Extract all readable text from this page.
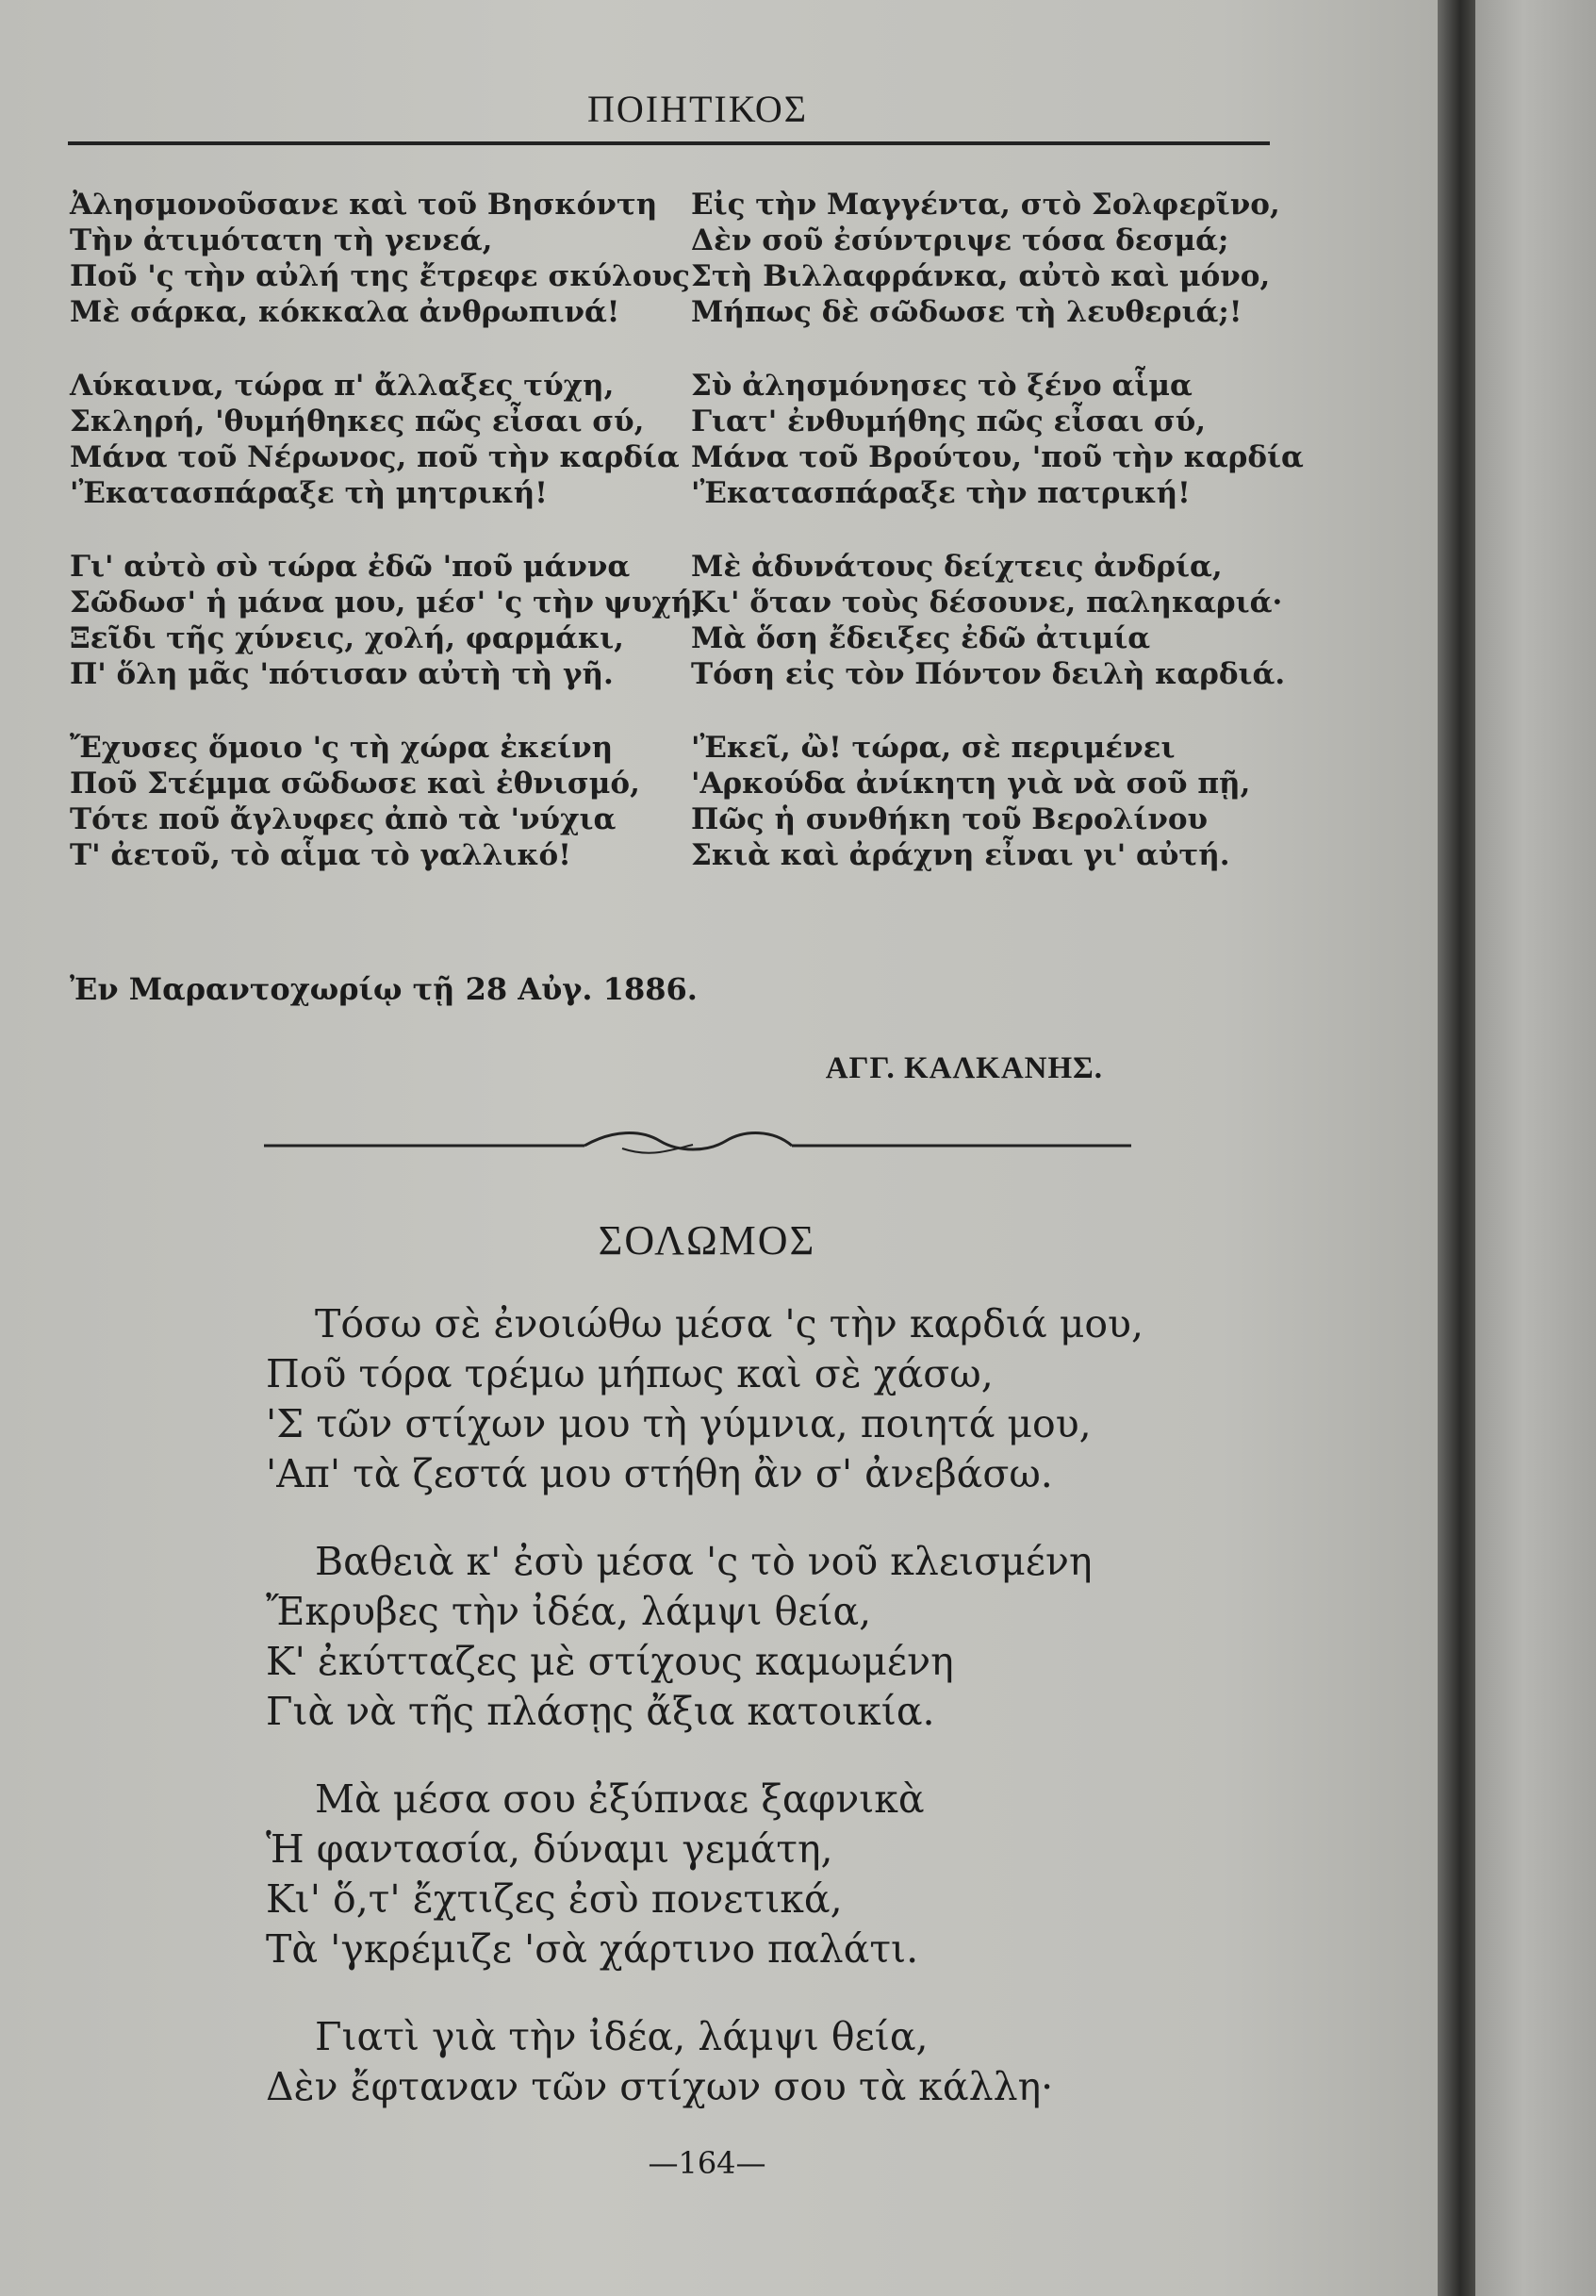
ΠΟΙΗΤΙΚΟΣ
Ἀλησμονοῦσανε καὶ τοῦ Βησκόντη
Τὴν ἀτιμότατη τὴ γενεά,
Ποῦ 'ς τὴν αὐλή της ἔτρεφε σκύλους
Μὲ σάρκα, κόκκαλα ἀνθρωπινά!
Λύκαινα, τώρα π' ἄλλαξες τύχη,
Σκληρή, 'θυμήθηκες πῶς εἶσαι σύ,
Μάνα τοῦ Νέρωνος, ποῦ τὴν καρδία
'Ἐκατασπάραξε τὴ μητρική!
Γι' αὐτὸ σὺ τώρα ἐδῶ 'ποῦ μάννα
Σῶδωσ' ἡ μάνα μου, μέσ' 'ς τὴν ψυχή,
Ξεῖδι τῆς χύνεις, χολή, φαρμάκι,
Π' ὅλη μᾶς 'πότισαν αὐτὴ τὴ γῆ.
Ἔχυσες ὅμοιο 'ς τὴ χώρα ἐκείνη
Ποῦ Στέμμα σῶδωσε καὶ ἐθνισμό,
Τότε ποῦ ἄγλυφες ἀπὸ τὰ 'νύχια
Τ' ἀετοῦ, τὸ αἷμα τὸ γαλλικό!
Εἰς τὴν Μαγγέντα, στὸ Σολφερῖνο,
Δὲν σοῦ ἐσύντριψε τόσα δεσμά;
Στὴ Βιλλαφράνκα, αὐτὸ καὶ μόνο,
Μήπως δὲ σῶδωσε τὴ λευθεριά;!
Σὺ ἀλησμόνησες τὸ ξένο αἷμα
Γιατ' ἐνθυμήθης πῶς εἶσαι σύ,
Μάνα τοῦ Βρούτου, 'ποῦ τὴν καρδία
'Ἐκατασπάραξε τὴν πατρική!
Μὲ ἀδυνάτους δείχτεις ἀνδρία,
Κι' ὅταν τοὺς δέσουνε, παληκαριά·
Μὰ ὅση ἔδειξες ἐδῶ ἀτιμία
Τόση εἰς τὸν Πόντον δειλὴ καρδιά.
'Ἐκεῖ, ὢ! τώρα, σὲ περιμένει
'Αρκούδα ἀνίκητη γιὰ νὰ σοῦ πῇ,
Πῶς ἡ συνθήκη τοῦ Βερολίνου
Σκιὰ καὶ ἀράχνη εἶναι γι' αὐτή.
Ἐν Μαραντοχωρίῳ τῇ 28 Αὐγ. 1886.
ΑΓΓ. ΚΑΛΚΑΝΗΣ.
ΣΟΛΩΜΟΣ
Τόσω σὲ ἐνοιώθω μέσα 'ς τὴν καρδιά μου,
Ποῦ τόρα τρέμω μήπως καὶ σὲ χάσω,
'Σ τῶν στίχων μου τὴ γύμνια, ποιητά μου,
'Απ' τὰ ζεστά μου στήθη ἂν σ' ἀνεβάσω.
Βαθειὰ κ' ἐσὺ μέσα 'ς τὸ νοῦ κλεισμένη
Ἔκρυβες τὴν ἰδέα, λάμψι θεία,
Κ' ἐκύτταζες μὲ στίχους καμωμένη
Γιὰ νὰ τῆς πλάσῃς ἄξια κατοικία.
Μὰ μέσα σου ἐξύπναε ξαφνικὰ
Ἡ φαντασία, δύναμι γεμάτη,
Κι' ὅ,τ' ἔχτιζες ἐσὺ πονετικά,
Τὰ 'γκρέμιζε 'σὰ χάρτινο παλάτι.
Γιατὶ γιὰ τὴν ἰδέα, λάμψι θεία,
Δὲν ἔφταναν τῶν στίχων σου τὰ κάλλη·
—164—
